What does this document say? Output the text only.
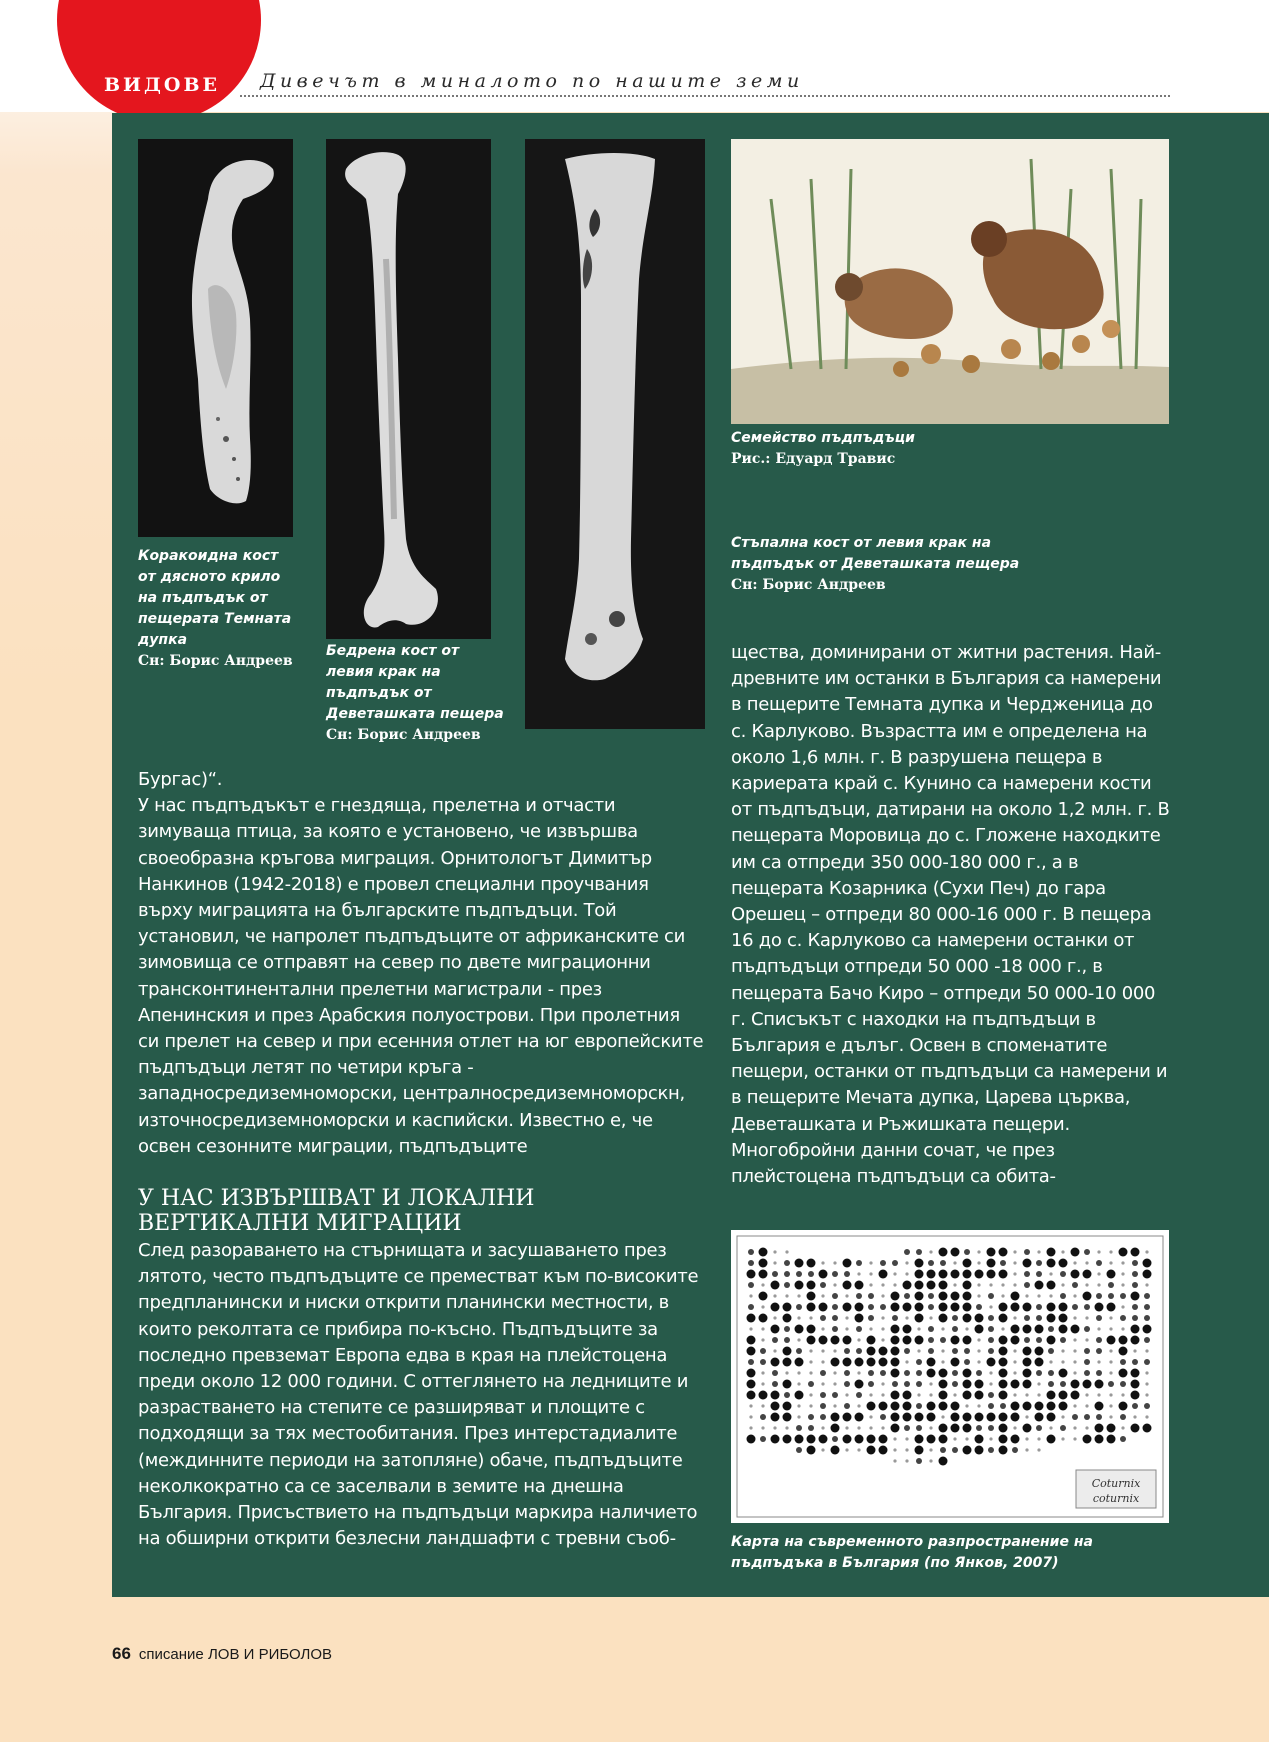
ВИДОВЕ Дивечът в миналото по нашите земи
Coturnix
coturnix
Коракоидна кост от дясното крило на пъдпъдък от пещерата Темната дупка
Сн: Борис Андреев
Бедрена кост от левия крак на пъдпъдък от Деветашката пещера
Сн: Борис Андреев
Семейство пъдпъдъци
Рис.: Едуард Травис
Стъпална кост от левия крак на пъдпъдък от Деветашката пещера
Сн: Борис Андреев
Карта на съвременното разпространение на пъдпъдъка в България (по Янков, 2007)
Бургас)“.
У нас пъдпъдъкът е гнездяща, прелетна и отчасти зимуваща птица, за която е установено, че извършва своеобразна кръгова миграция. Орнитологът Димитър Нанкинов (1942-2018) е провел специални проучвания върху миграцията на българските пъдпъдъци. Той установил, че напролет пъдпъдъците от африканските си зимовища се отправят на север по двете миграционни трансконтинентални прелетни магистрали - през Апенинския и през Арабския полуострови. При пролетния си прелет на север и при есенния отлет на юг европейските пъдпъдъци летят по четири кръга - западносредиземноморски, централносредиземноморскн, източносредиземноморски и каспийски. Известно е, че освен сезонните миграции, пъдпъдъците
У НАС ИЗВЪРШВАТ И ЛОКАЛНИ ВЕРТИКАЛНИ МИГРАЦИИ
След разораването на стърнищата и засушаването през лятото, често пъдпъдъците се преместват към по-високите предпланински и ниски открити планински местности, в които реколтата се прибира по-късно. Пъдпъдъците за последно превземат Европа едва в края на плейстоцена преди около 12 000 години. С оттеглянето на ледниците и разрастването на степите се разширяват и площите с подходящи за тях местообитания. През интерстадиалите (междинните периоди на затопляне) обаче, пъдпъдъците неколкократно са се заселвали в земите на днешна България. Присъствието на пъдпъдъци маркира наличието на обширни открити безлесни ландшафти с тревни съоб-
щества, доминирани от житни растения. Най-древните им останки в България са намерени в пещерите Темната дупка и Чердженица до с. Карлуково. Възрастта им е определена на около 1,6 млн. г. В разрушена пещера в кариерата край с. Кунино са намерени кости от пъдпъдъци, датирани на около 1,2 млн. г. В пещерата Моровица до с. Гложене находките им са отпреди 350 000-180 000 г., а в пещерата Козарника (Сухи Печ) до гара Орешец – отпреди 80 000-16 000 г. В пещера 16 до с. Карлуково са намерени останки от пъдпъдъци отпреди 50 000 -18 000 г., в пещерата Бачо Киро – отпреди 50 000-10 000 г. Списъкът с находки на пъдпъдъци в България е дълъг. Освен в споменатите пещери, останки от пъдпъдъци са намерени и в пещерите Мечата дупка, Царева църква, Деветашката и Ръжишката пещери. Многобройни данни сочат, че през плейстоцена пъдпъдъци са обита-
66 списание ЛОВ И РИБОЛОВ
